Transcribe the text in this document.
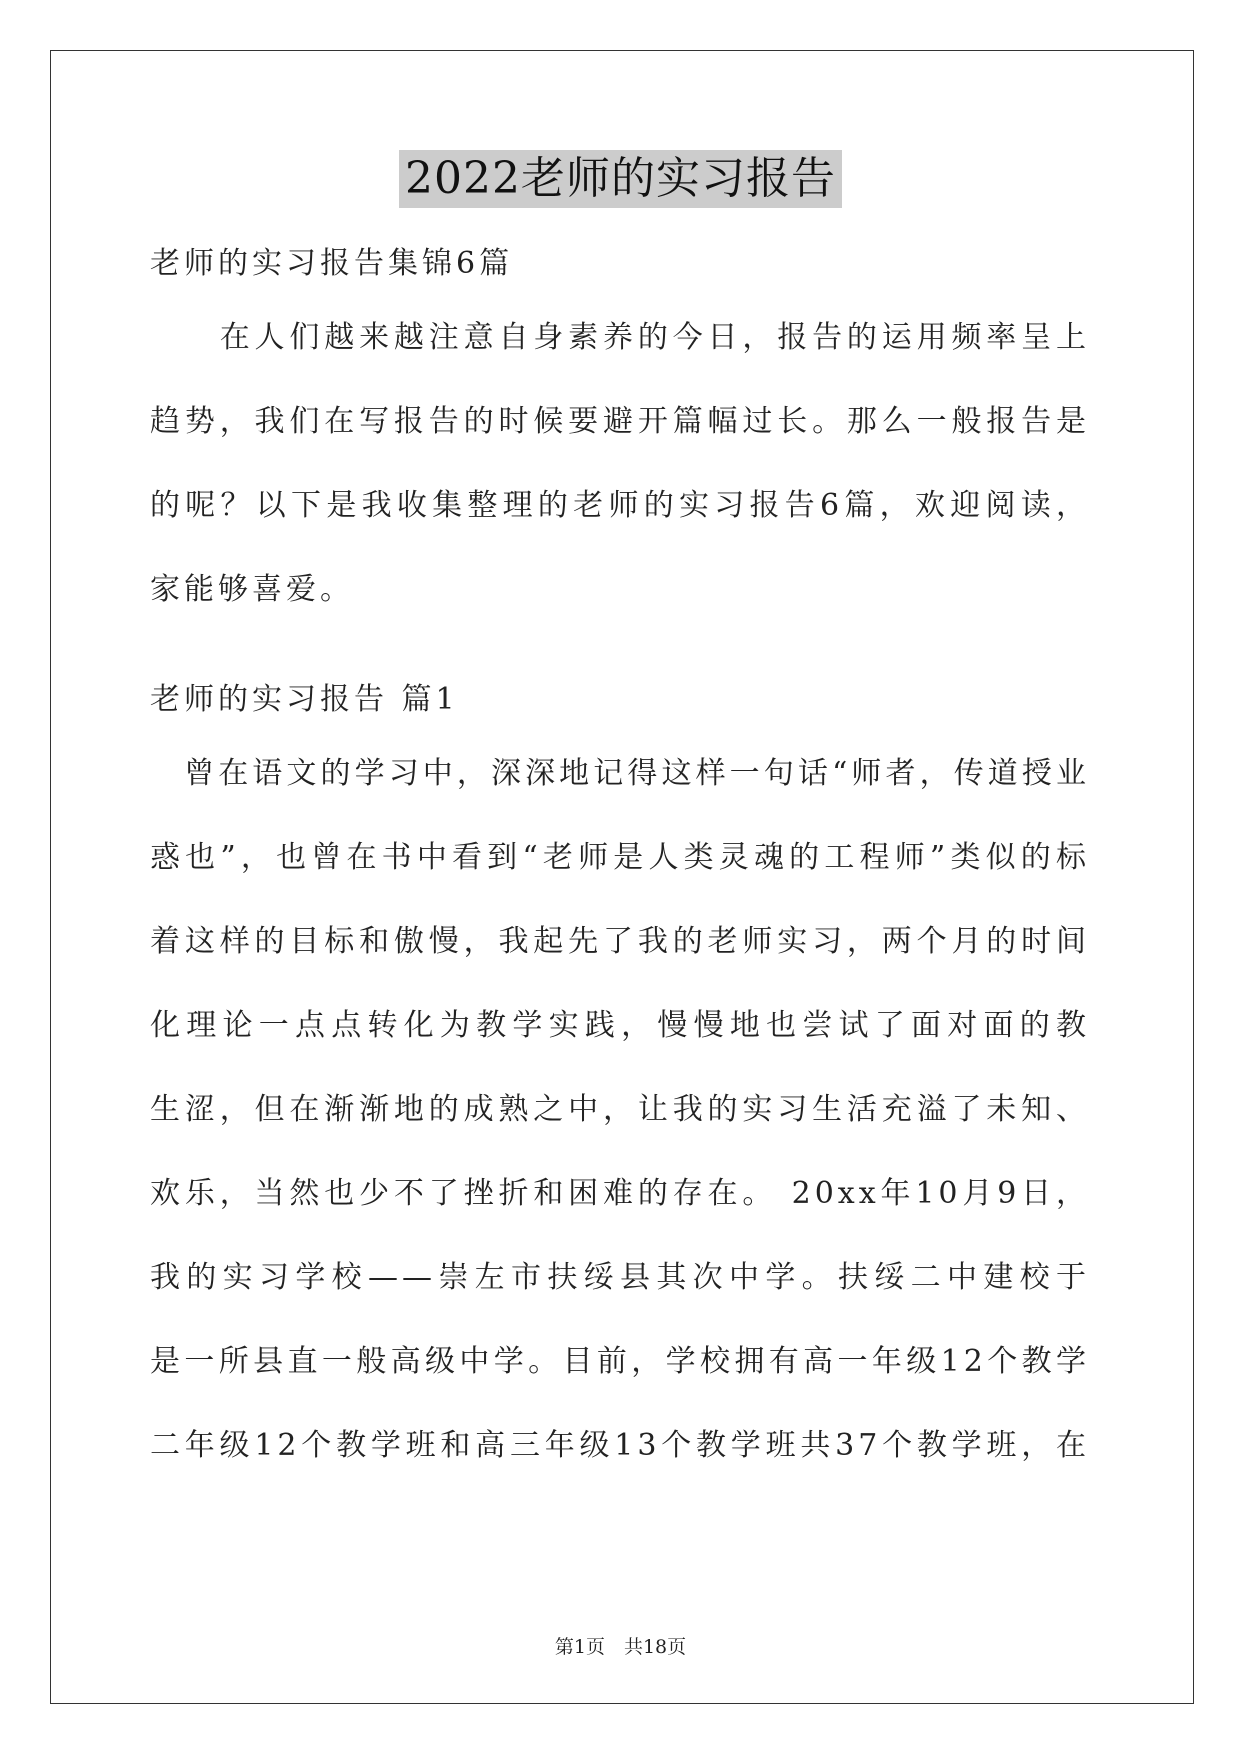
2022老师的实习报告
老师的实习报告集锦6篇
　　在人们越来越注意自身素养的今日，报告的运用频率呈上
趋势，我们在写报告的时候要避开篇幅过长。那么一般报告是
的呢？以下是我收集整理的老师的实习报告6篇，欢迎阅读，
家能够喜爱。
老师的实习报告 篇1
　曾在语文的学习中，深深地记得这样一句话“师者，传道授业
惑也”，也曾在书中看到“老师是人类灵魂的工程师”类似的标
着这样的目标和傲慢，我起先了我的老师实习，两个月的时间
化理论一点点转化为教学实践，慢慢地也尝试了面对面的教
生涩，但在渐渐地的成熟之中，让我的实习生活充溢了未知、
欢乐，当然也少不了挫折和困难的存在。 20xx年10月9日，
我的实习学校——崇左市扶绥县其次中学。扶绥二中建校于
是一所县直一般高级中学。目前，学校拥有高一年级12个教学
二年级12个教学班和高三年级13个教学班共37个教学班，在
第1页　共18页
